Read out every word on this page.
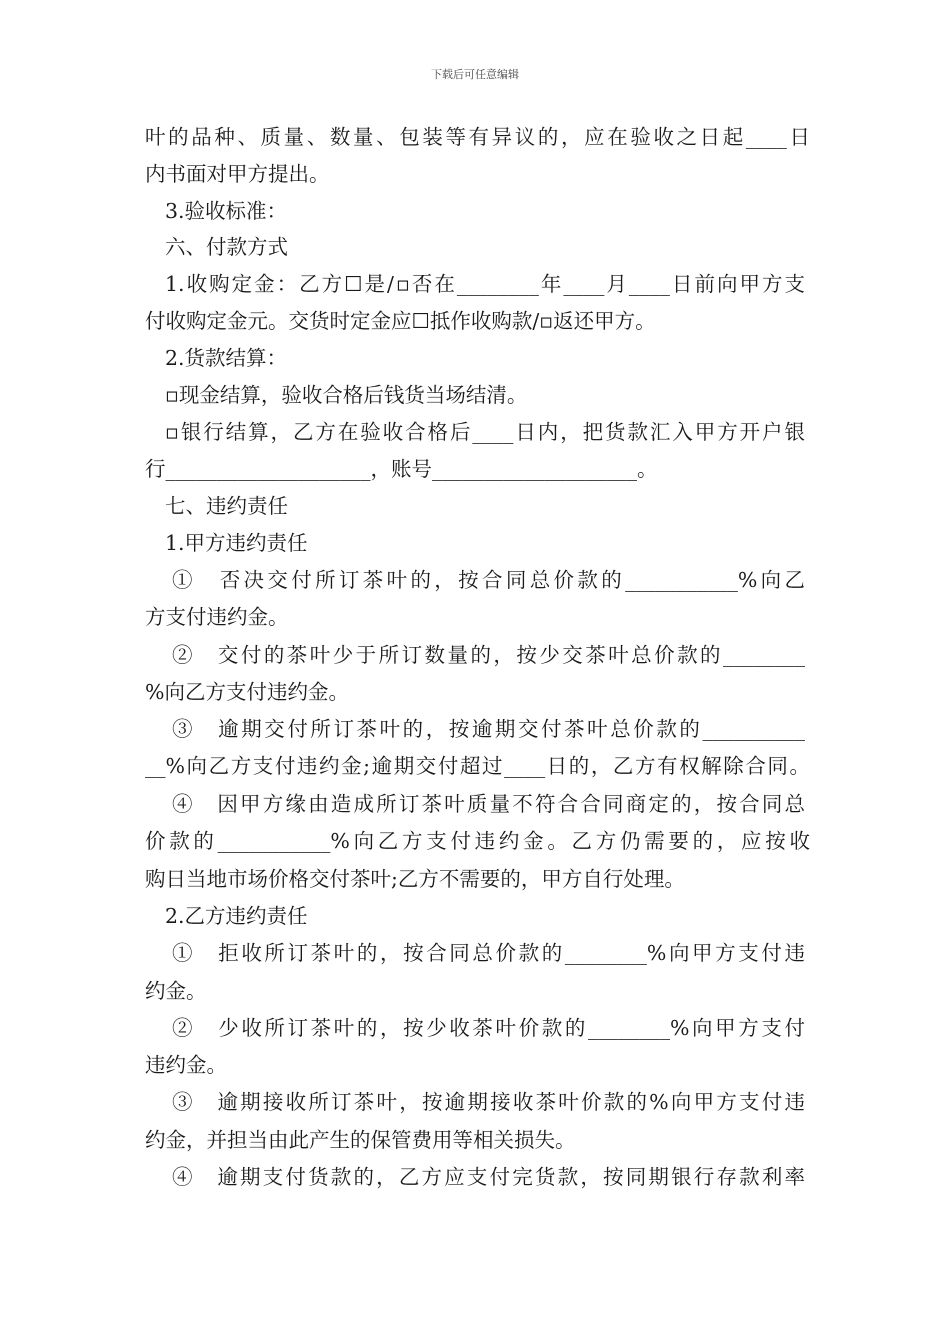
下载后可任意编辑
叶的品种、质量、数量、包装等有异议的，应在验收之日起____日
内书面对甲方提出。
3.验收标准：
六、付款方式
1.收购定金：乙方☐是/▫否在________年____月____日前向甲方支
付收购定金元。交货时定金应☐抵作收购款/▫返还甲方。
2.货款结算：
▫现金结算，验收合格后钱货当场结清。
▫银行结算，乙方在验收合格后____日内，把货款汇入甲方开户银
行____________________，账号____________________。
七、违约责任
1.甲方违约责任
①　否决交付所订茶叶的，按合同总价款的___________%向乙
方支付违约金。
②　交付的茶叶少于所订数量的，按少交茶叶总价款的________
%向乙方支付违约金。
③　逾期交付所订茶叶的，按逾期交付茶叶总价款的__________
__%向乙方支付违约金;逾期交付超过____日的，乙方有权解除合同。
④　因甲方缘由造成所订茶叶质量不符合合同商定的，按合同总
价款的___________%向乙方支付违约金。乙方仍需要的，应按收
购日当地市场价格交付茶叶;乙方不需要的，甲方自行处理。
2.乙方违约责任
①　拒收所订茶叶的，按合同总价款的________%向甲方支付违
约金。
②　少收所订茶叶的，按少收茶叶价款的________%向甲方支付
违约金。
③　逾期接收所订茶叶，按逾期接收茶叶价款的%向甲方支付违
约金，并担当由此产生的保管费用等相关损失。
④　逾期支付货款的，乙方应支付完货款，按同期银行存款利率
